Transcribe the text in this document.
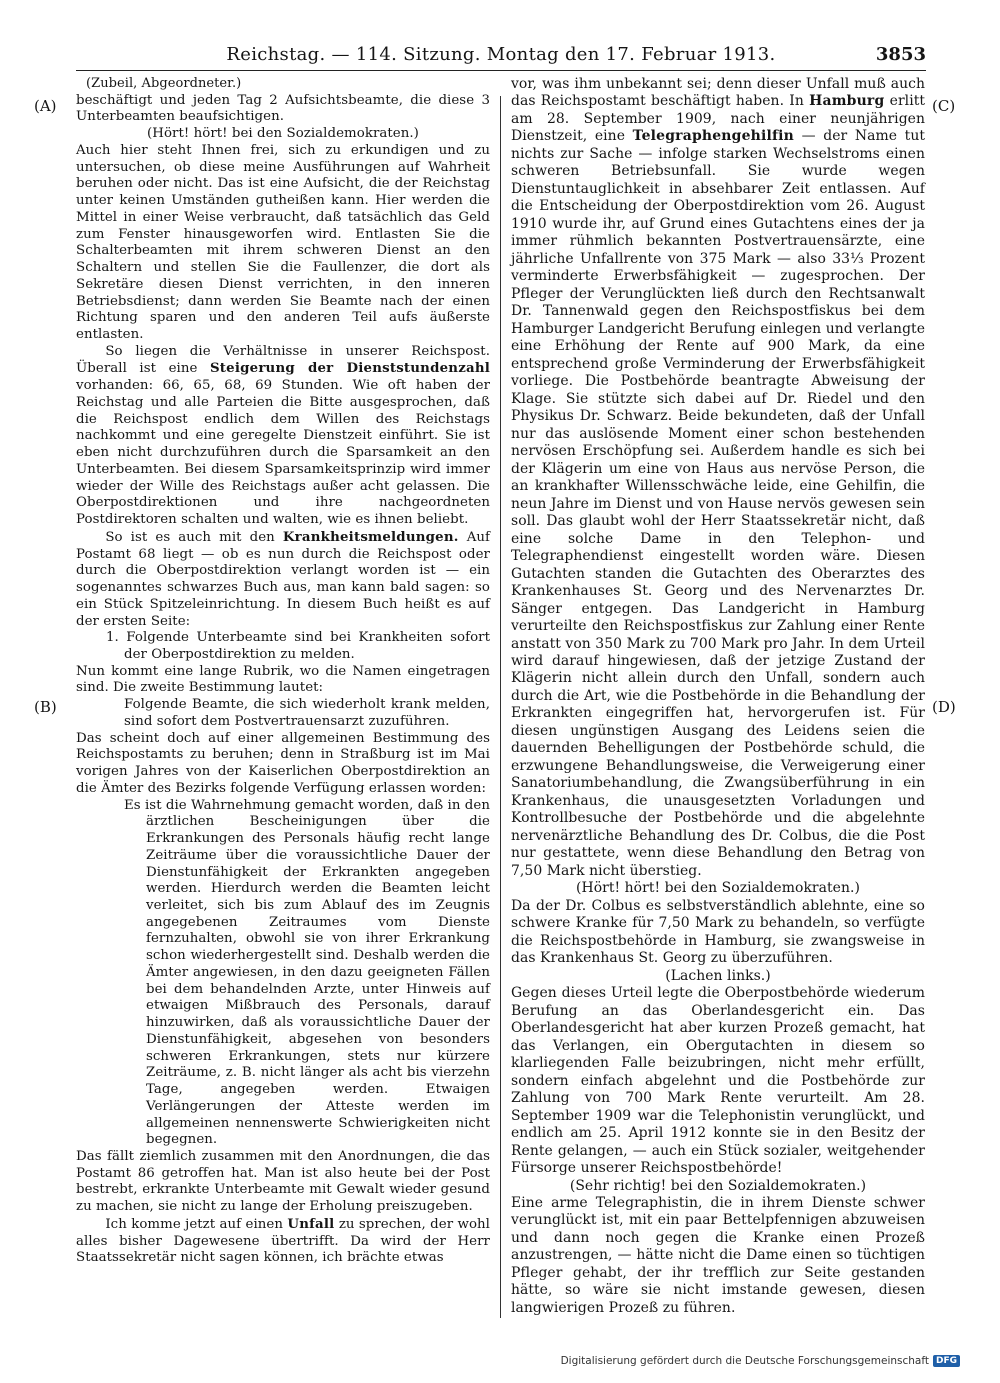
Reichstag. — 114. Sitzung. Montag den 17. Februar 1913.	3853
(A)
(B)
(C)
(D)

(Zubeil, Abgeordneter.)

beschäftigt und jeden Tag 2 Aufsichtsbeamte, die diese 3 Unterbeamten beaufsichtigen.

(Hört! hört! bei den Sozialdemokraten.)

Auch hier steht Ihnen frei, sich zu erkundigen und zu untersuchen, ob diese meine Ausführungen auf Wahrheit beruhen oder nicht. Das ist eine Aufsicht, die der Reichstag unter keinen Umständen gutheißen kann. Hier werden die Mittel in einer Weise verbraucht, daß tatsächlich das Geld zum Fenster hinausgeworfen wird. Entlasten Sie die Schalterbeamten mit ihrem schweren Dienst an den Schaltern und stellen Sie die Faullenzer, die dort als Sekretäre diesen Dienst verrichten, in den inneren Betriebsdienst; dann werden Sie Beamte nach der einen Richtung sparen und den anderen Teil aufs äußerste entlasten.

So liegen die Verhältnisse in unserer Reichspost. Überall ist eine Steigerung der Dienststundenzahl vorhanden: 66, 65, 68, 69 Stunden. Wie oft haben der Reichstag und alle Parteien die Bitte ausgesprochen, daß die Reichspost endlich dem Willen des Reichstags nachkommt und eine geregelte Dienstzeit einführt. Sie ist eben nicht durchzuführen durch die Sparsamkeit an den Unterbeamten. Bei diesem Sparsamkeitsprinzip wird immer wieder der Wille des Reichstags außer acht gelassen. Die Oberpostdirektionen und ihre nachgeordneten Postdirektoren schalten und walten, wie es ihnen beliebt.

So ist es auch mit den Krankheitsmeldungen. Auf Postamt 68 liegt — ob es nun durch die Reichspost oder durch die Oberpostdirektion verlangt worden ist — ein sogenanntes schwarzes Buch aus, man kann bald sagen: so ein Stück Spitzeleinrichtung. In diesem Buch heißt es auf der ersten Seite:

1. Folgende Unterbeamte sind bei Krankheiten sofort der Oberpostdirektion zu melden.

Nun kommt eine lange Rubrik, wo die Namen eingetragen sind. Die zweite Bestimmung lautet:

Folgende Beamte, die sich wiederholt krank melden, sind sofort dem Postvertrauensarzt zuzuführen.

Das scheint doch auf einer allgemeinen Bestimmung des Reichspostamts zu beruhen; denn in Straßburg ist im Mai vorigen Jahres von der Kaiserlichen Oberpostdirektion an die Ämter des Bezirks folgende Verfügung erlassen worden:

Es ist die Wahrnehmung gemacht worden, daß in den ärztlichen Bescheinigungen über die Erkrankungen des Personals häufig recht lange Zeiträume über die voraussichtliche Dauer der Dienstunfähigkeit der Erkrankten angegeben werden. Hierdurch werden die Beamten leicht verleitet, sich bis zum Ablauf des im Zeugnis angegebenen Zeitraumes vom Dienste fernzuhalten, obwohl sie von ihrer Erkrankung schon wiederhergestellt sind. Deshalb werden die Ämter angewiesen, in den dazu geeigneten Fällen bei dem behandelnden Arzte, unter Hinweis auf etwaigen Mißbrauch des Personals, darauf hinzuwirken, daß als voraussichtliche Dauer der Dienstunfähigkeit, abgesehen von besonders schweren Erkrankungen, stets nur kürzere Zeiträume, z. B. nicht länger als acht bis vierzehn Tage, angegeben werden. Etwaigen Verlängerungen der Atteste werden im allgemeinen nennenswerte Schwierigkeiten nicht begegnen.

Das fällt ziemlich zusammen mit den Anordnungen, die das Postamt 86 getroffen hat. Man ist also heute bei der Post bestrebt, erkrankte Unterbeamte mit Gewalt wieder gesund zu machen, sie nicht zu lange der Erholung preiszugeben.

Ich komme jetzt auf einen Unfall zu sprechen, der wohl alles bisher Dagewesene übertrifft. Da wird der Herr Staatssekretär nicht sagen können, ich brächte etwas

vor, was ihm unbekannt sei; denn dieser Unfall muß auch das Reichspostamt beschäftigt haben. In Hamburg erlitt am 28. September 1909, nach einer neunjährigen Dienstzeit, eine Telegraphengehilfin — der Name tut nichts zur Sache — infolge starken Wechselstroms einen schweren Betriebsunfall. Sie wurde wegen Dienstuntauglichkeit in absehbarer Zeit entlassen. Auf die Entscheidung der Oberpostdirektion vom 26. August 1910 wurde ihr, auf Grund eines Gutachtens eines der ja immer rühmlich bekannten Postvertrauensärzte, eine jährliche Unfallrente von 375 Mark — also 33⅓ Prozent verminderte Erwerbsfähigkeit — zugesprochen. Der Pfleger der Verunglückten ließ durch den Rechtsanwalt Dr. Tannenwald gegen den Reichspostfiskus bei dem Hamburger Landgericht Berufung einlegen und verlangte eine Erhöhung der Rente auf 900 Mark, da eine entsprechend große Verminderung der Erwerbsfähigkeit vorliege. Die Postbehörde beantragte Abweisung der Klage. Sie stützte sich dabei auf Dr. Riedel und den Physikus Dr. Schwarz. Beide bekundeten, daß der Unfall nur das auslösende Moment einer schon bestehenden nervösen Erschöpfung sei. Außerdem handle es sich bei der Klägerin um eine von Haus aus nervöse Person, die an krankhafter Willensschwäche leide, eine Gehilfin, die neun Jahre im Dienst und von Hause nervös gewesen sein soll. Das glaubt wohl der Herr Staatssekretär nicht, daß eine solche Dame in den Telephon- und Telegraphendienst eingestellt worden wäre. Diesen Gutachten standen die Gutachten des Oberarztes des Krankenhauses St. Georg und des Nervenarztes Dr. Sänger entgegen. Das Landgericht in Hamburg verurteilte den Reichspostfiskus zur Zahlung einer Rente anstatt von 350 Mark zu 700 Mark pro Jahr. In dem Urteil wird darauf hingewiesen, daß der jetzige Zustand der Klägerin nicht allein durch den Unfall, sondern auch durch die Art, wie die Postbehörde in die Behandlung der Erkrankten eingegriffen hat, hervorgerufen ist. Für diesen ungünstigen Ausgang des Leidens seien die dauernden Behelligungen der Postbehörde schuld, die erzwungene Behandlungsweise, die Verweigerung einer Sanatoriumbehandlung, die Zwangsüberführung in ein Krankenhaus, die unausgesetzten Vorladungen und Kontrollbesuche der Postbehörde und die abgelehnte nervenärztliche Behandlung des Dr. Colbus, die die Post nur gestattete, wenn diese Behandlung den Betrag von 7,50 Mark nicht überstieg.

(Hört! hört! bei den Sozialdemokraten.)

Da der Dr. Colbus es selbstverständlich ablehnte, eine so schwere Kranke für 7,50 Mark zu behandeln, so verfügte die Reichspostbehörde in Hamburg, sie zwangsweise in das Krankenhaus St. Georg zu überzuführen.

(Lachen links.)

Gegen dieses Urteil legte die Oberpostbehörde wiederum Berufung an das Oberlandesgericht ein. Das Oberlandesgericht hat aber kurzen Prozeß gemacht, hat das Verlangen, ein Obergutachten in diesem so klarliegenden Falle beizubringen, nicht mehr erfüllt, sondern einfach abgelehnt und die Postbehörde zur Zahlung von 700 Mark Rente verurteilt. Am 28. September 1909 war die Telephonistin verunglückt, und endlich am 25. April 1912 konnte sie in den Besitz der Rente gelangen, — auch ein Stück sozialer, weitgehender Fürsorge unserer Reichspostbehörde!

(Sehr richtig! bei den Sozialdemokraten.)

Eine arme Telegraphistin, die in ihrem Dienste schwer verunglückt ist, mit ein paar Bettelpfennigen abzuweisen und dann noch gegen die Kranke einen Prozeß anzustrengen, — hätte nicht die Dame einen so tüchtigen Pfleger gehabt, der ihr trefflich zur Seite gestanden hätte, so wäre sie nicht imstande gewesen, diesen langwierigen Prozeß zu führen.

Digitalisierung gefördert durch die Deutsche Forschungsgemeinschaft DFG
